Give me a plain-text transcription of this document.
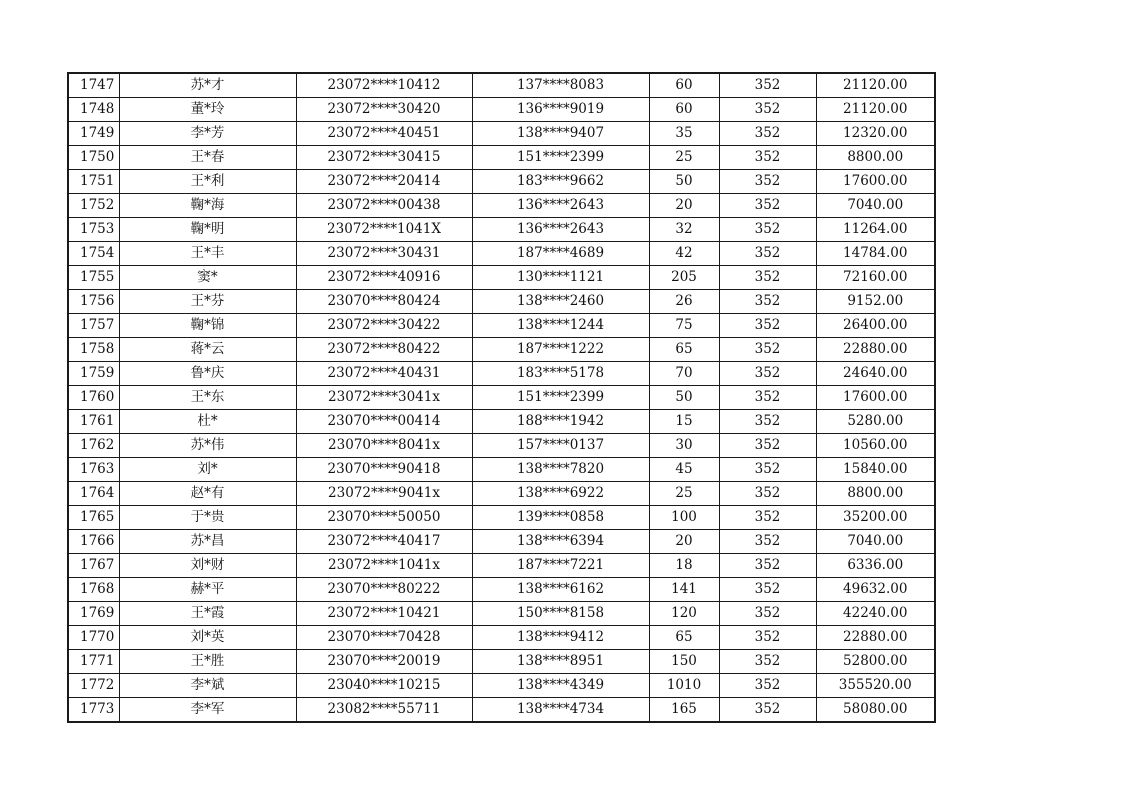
1747	苏*才	23072****10412	137****8083	60	352	21120.00
1748	董*玲	23072****30420	136****9019	60	352	21120.00
1749	李*芳	23072****40451	138****9407	35	352	12320.00
1750	王*春	23072****30415	151****2399	25	352	8800.00
1751	王*利	23072****20414	183****9662	50	352	17600.00
1752	鞠*海	23072****00438	136****2643	20	352	7040.00
1753	鞠*明	23072****1041X	136****2643	32	352	11264.00
1754	王*丰	23072****30431	187****4689	42	352	14784.00
1755	窦*	23072****40916	130****1121	205	352	72160.00
1756	王*芬	23070****80424	138****2460	26	352	9152.00
1757	鞠*锦	23072****30422	138****1244	75	352	26400.00
1758	蒋*云	23072****80422	187****1222	65	352	22880.00
1759	鲁*庆	23072****40431	183****5178	70	352	24640.00
1760	王*东	23072****3041x	151****2399	50	352	17600.00
1761	杜*	23070****00414	188****1942	15	352	5280.00
1762	苏*伟	23070****8041x	157****0137	30	352	10560.00
1763	刘*	23070****90418	138****7820	45	352	15840.00
1764	赵*有	23072****9041x	138****6922	25	352	8800.00
1765	于*贵	23070****50050	139****0858	100	352	35200.00
1766	苏*昌	23072****40417	138****6394	20	352	7040.00
1767	刘*财	23072****1041x	187****7221	18	352	6336.00
1768	赫*平	23070****80222	138****6162	141	352	49632.00
1769	王*霞	23072****10421	150****8158	120	352	42240.00
1770	刘*英	23070****70428	138****9412	65	352	22880.00
1771	王*胜	23070****20019	138****8951	150	352	52800.00
1772	李*斌	23040****10215	138****4349	1010	352	355520.00
1773	李*军	23082****55711	138****4734	165	352	58080.00
